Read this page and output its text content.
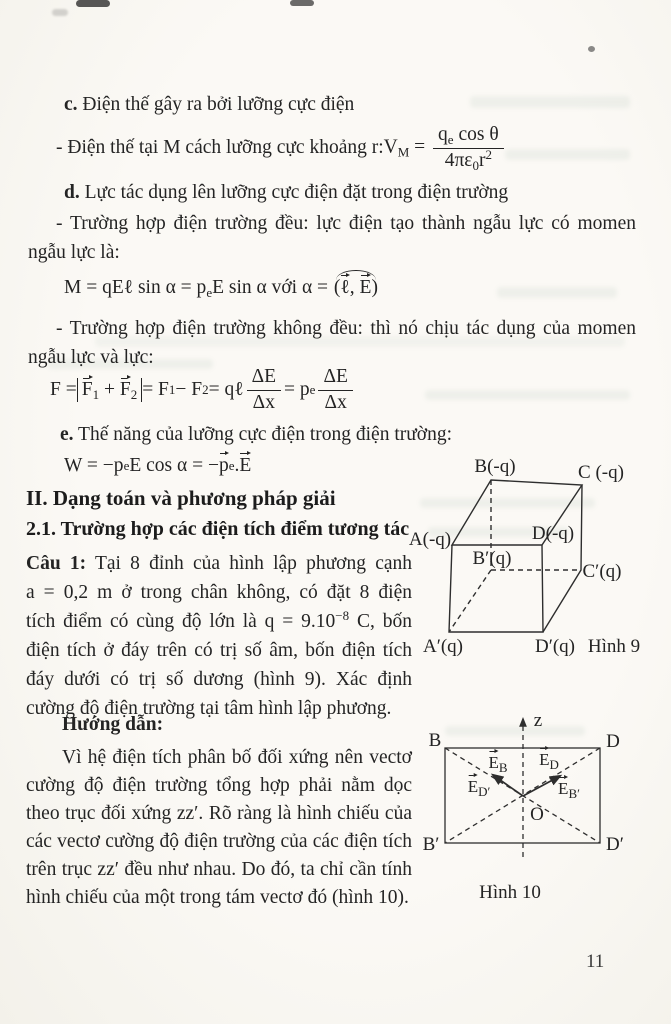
c. Điện thế gây ra bởi lưỡng cực điện
- Điện thế tại M cách lưỡng cực khoảng r: $V_M = \frac{q_e \cos \theta}{4\pi\varepsilon_0r^2}$
d. Lực tác dụng lên lưỡng cực điện đặt trong điện trường
- Trường hợp điện trường đều: lực điện tạo thành ngẫu lực có momen
ngẫu lực là:
M = qEℓ $\sin \alpha = p_eE$ sin α với α = (ℓ, E)
- Trường hợp điện trường không đều: thì nó chịu tác dụng của momen
ngẫu lực và lực:
$F = F_1 + F_2 = F$ 1 − F 2 = qℓ $\frac{\Delta E}{\Delta x} = p$ e $\frac{\Delta E}{\Delta x}$
e. Thế năng của lưỡng cực điện trong điện trường:
W = −p e E cos α = − p e . E
II. Dạng toán và phương pháp giải
2.1. Trường hợp các điện tích điểm tương tác
Câu 1: Tại 8 đỉnh của hình lập phương cạnh
a = 0,2 m ở trong chân không, có đặt 8 điện
tích điểm có cùng độ lớn là $q = 9.10^{-8}$ C, bốn
điện tích ở đáy trên có trị số âm, bốn điện tích
đáy dưới có trị số dương (hình 9). Xác định
cường độ điện trường tại tâm hình lập phương.
Hướng dẫn:
Vì hệ điện tích phân bố đối xứng nên vectơ
cường độ điện trường tổng hợp phải nằm dọc
theo trục đối xứng zz′. Rõ ràng là hình chiếu của
các vectơ cường độ điện trường của các điện tích
trên trục zz′ đều như nhau. Do đó, ta chỉ cần tính
hình chiếu của một trong tám vectơ đó (hình 10).
A(-q)
B(-q)	C (-q)
D(-q)
B′(q)
C′(q)
A′(q)	D′(q) Hình 9
z
B	D
B′	D′
O
$E_B$ $E_D$
$E_{D'}$	$E_{B'}$
Hình 10
11
